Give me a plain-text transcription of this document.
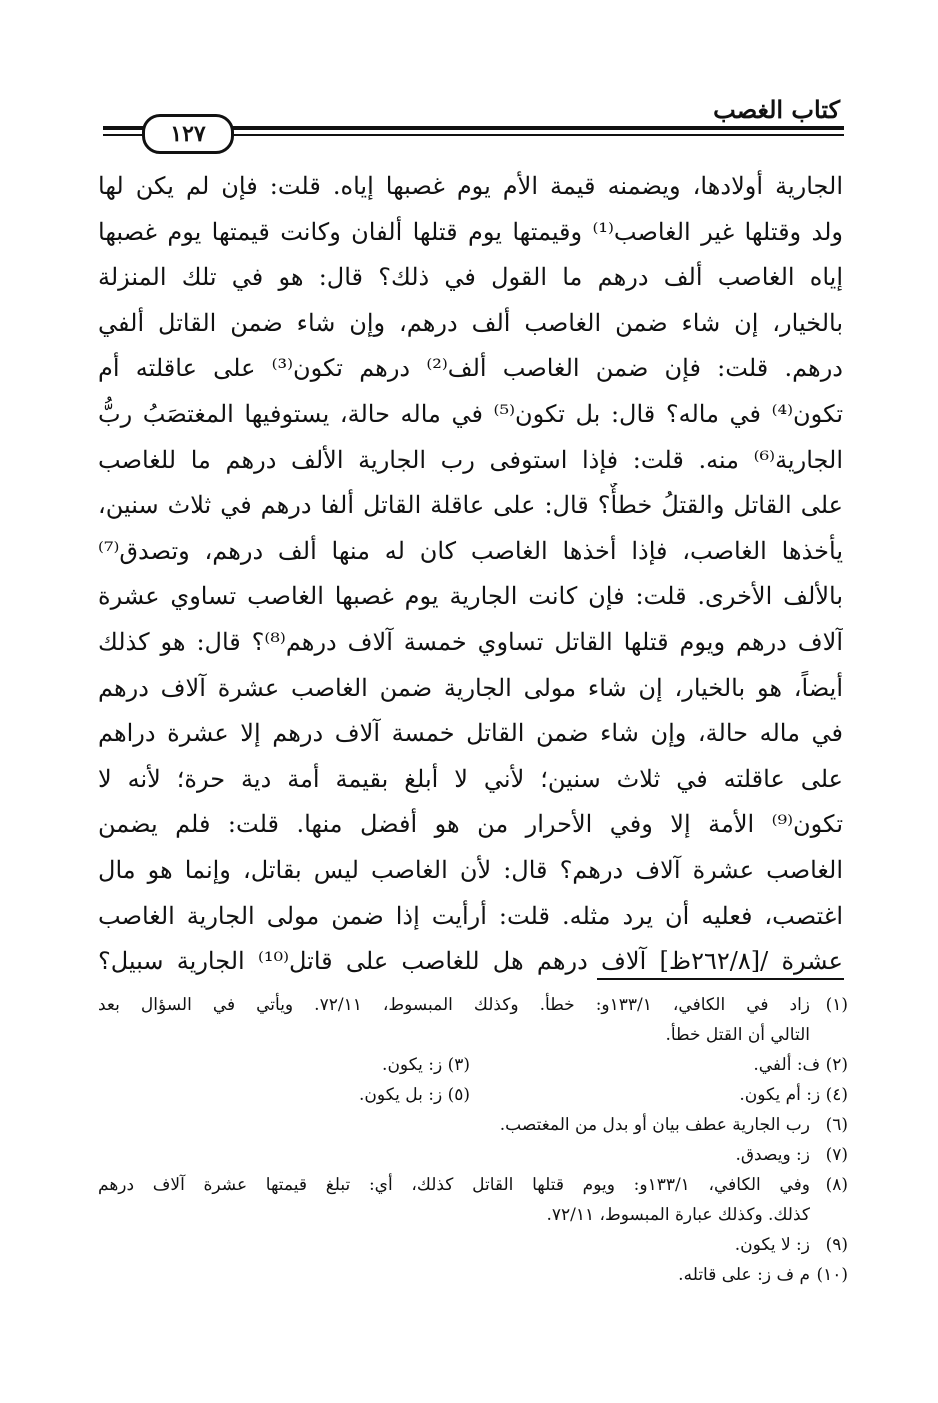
كتاب الغصب
١٢٧
الجارية أولادها، ويضمنه قيمة الأم يوم غصبها إياه. قلت: فإن لم يكن لها
ولد وقتلها غير الغاصب⁽¹⁾ وقيمتها يوم قتلها ألفان وكانت قيمتها يوم غصبها
إياه الغاصب ألف درهم ما القول في ذلك؟ قال: هو في تلك المنزلة
بالخيار، إن شاء ضمن الغاصب ألف درهم، وإن شاء ضمن القاتل ألفي
درهم. قلت: فإن ضمن الغاصب ألف⁽²⁾ درهم تكون⁽³⁾ على عاقلته أم
تكون⁽⁴⁾ في ماله؟ قال: بل تكون⁽⁵⁾ في ماله حالة، يستوفيها المغتصَبُ ربُّ
الجارية⁽⁶⁾ منه. قلت: فإذا استوفى رب الجارية الألف درهم ما للغاصب
على القاتل والقتلُ خطأٌ؟ قال: على عاقلة القاتل ألفا درهم في ثلاث سنين،
يأخذها الغاصب، فإذا أخذها الغاصب كان له منها ألف درهم، وتصدق⁽⁷⁾
بالألف الأخرى. قلت: فإن كانت الجارية يوم غصبها الغاصب تساوي عشرة
آلاف درهم ويوم قتلها القاتل تساوي خمسة آلاف درهم⁽⁸⁾؟ قال: هو كذلك
أيضاً، هو بالخيار، إن شاء مولى الجارية ضمن الغاصب عشرة آلاف درهم
في ماله حالة، وإن شاء ضمن القاتل خمسة آلاف درهم إلا عشرة دراهم
على عاقلته في ثلاث سنين؛ لأني لا أبلغ بقيمة أمة دية حرة؛ لأنه لا
تكون⁽⁹⁾ الأمة إلا وفي الأحرار من هو أفضل منها. قلت: فلم يضمن
الغاصب عشرة آلاف درهم؟ قال: لأن الغاصب ليس بقاتل، وإنما هو مال
اغتصب، فعليه أن يرد مثله. قلت: أرأيت إذا ضمن مولى الجارية الغاصب
عشرة /[٢٦٢/٨ظ] آلاف درهم هل للغاصب على قاتل⁽¹⁰⁾ الجارية سبيل؟
(١)
زاد في الكافي، ١٣٣/١و: خطأ. وكذلك المبسوط، ٧٢/١١. ويأتي في السؤال بعد
التالي أن القتل خطأ.
(٢) ف: ألفي.
(٣) ز: يكون.
(٤) ز: أم يكون.
(٥) ز: بل يكون.
(٦)
رب الجارية عطف بيان أو بدل من المغتصب.
(٧)
ز: ويصدق.
(٨)
وفي الكافي، ١٣٣/١و: ويوم قتلها القاتل كذلك، أي: تبلغ قيمتها عشرة آلاف درهم
كذلك. وكذلك عبارة المبسوط، ٧٢/١١.
(٩)
ز: لا يكون.
(١٠)
م ف ز: على قاتله.
